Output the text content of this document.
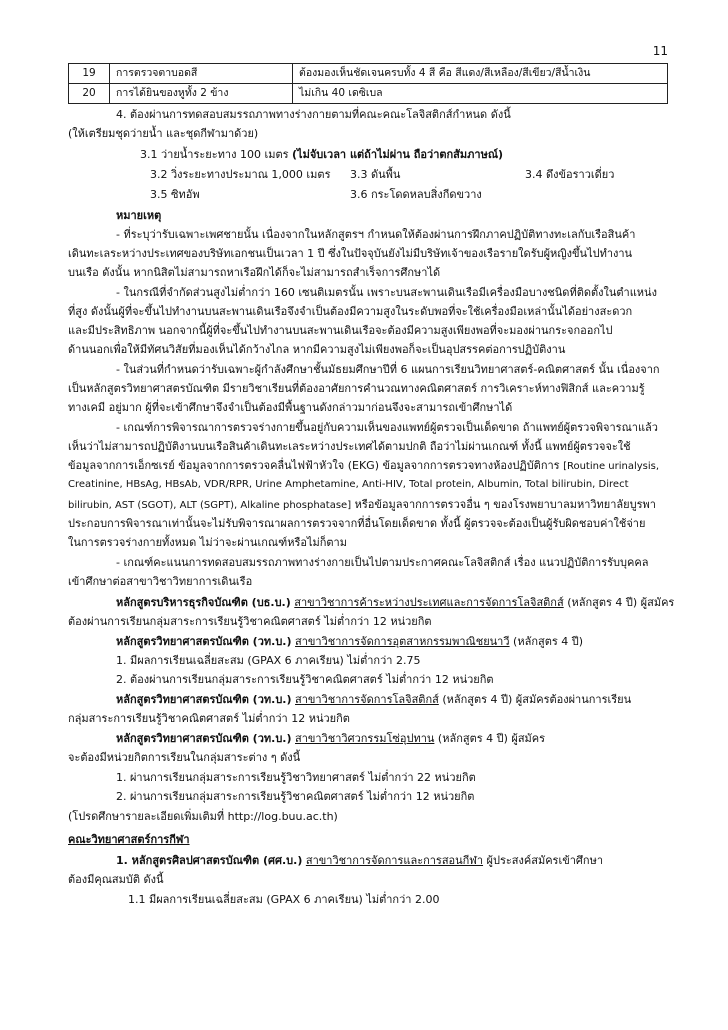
11
19	การตรวจตาบอดสี	ต้องมองเห็นชัดเจนครบทั้ง 4 สี คือ สีแดง/สีเหลือง/สีเขียว/สีน้ำเงิน
20	การได้ยินของหูทั้ง 2 ข้าง	ไม่เกิน 40 เดซิเบล
4. ต้องผ่านการทดสอบสมรรถภาพทางร่างกายตามที่คณะคณะโลจิสติกส์กำหนด ดังนี้
(ให้เตรียมชุดว่ายน้ำ และชุดกีฬามาด้วย)
3.1 ว่ายน้ำระยะทาง 100 เมตร (ไม่จับเวลา แต่ถ้าไม่ผ่าน ถือว่าตกสัมภาษณ์)
3.2 วิ่งระยะทางประมาณ 1,000 เมตร 3.3 ดันพื้น	3.4 ดึงข้อราวเดี่ยว
3.5 ซิทอัพ	3.6 กระโดดหลบสิ่งกีดขวาง
หมายเหตุ
- ที่ระบุว่ารับเฉพาะเพศชายนั้น เนื่องจากในหลักสูตรฯ กำหนดให้ต้องผ่านการฝึกภาคปฏิบัติทางทะเลกับเรือสินค้า
เดินทะเลระหว่างประเทศของบริษัทเอกชนเป็นเวลา 1 ปี ซึ่งในปัจจุบันยังไม่มีบริษัทเจ้าของเรือรายใดรับผู้หญิงขึ้นไปทำงาน
บนเรือ ดังนั้น หากนิสิตไม่สามารถหาเรือฝึกได้ก็จะไม่สามารถสำเร็จการศึกษาได้
- ในกรณีที่จำกัดส่วนสูงไม่ต่ำกว่า 160 เซนติเมตรนั้น เพราะบนสะพานเดินเรือมีเครื่องมือบางชนิดที่ติดตั้งในตำแหน่ง
ที่สูง ดังนั้นผู้ที่จะขึ้นไปทำงานบนสะพานเดินเรือจึงจำเป็นต้องมีความสูงในระดับพอที่จะใช้เครื่องมือเหล่านั้นได้อย่างสะดวก
และมีประสิทธิภาพ นอกจากนี้ผู้ที่จะขึ้นไปทำงานบนสะพานเดินเรือจะต้องมีความสูงเพียงพอที่จะมองผ่านกระจกออกไป
ด้านนอกเพื่อให้มีทัศนวิสัยที่มองเห็นได้กว้างไกล หากมีความสูงไม่เพียงพอก็จะเป็นอุปสรรคต่อการปฏิบัติงาน
- ในส่วนที่กำหนดว่ารับเฉพาะผู้กำลังศึกษาชั้นมัธยมศึกษาปีที่ 6 แผนการเรียนวิทยาศาสตร์-คณิตศาสตร์ นั้น เนื่องจาก
เป็นหลักสูตรวิทยาศาสตรบัณฑิต มีรายวิชาเรียนที่ต้องอาศัยการคำนวณทางคณิตศาสตร์ การวิเคราะห์ทางฟิสิกส์ และความรู้
ทางเคมี อยู่มาก ผู้ที่จะเข้าศึกษาจึงจำเป็นต้องมีพื้นฐานดังกล่าวมาก่อนจึงจะสามารถเข้าศึกษาได้
- เกณฑ์การพิจารณาการตรวจร่างกายขึ้นอยู่กับความเห็นของแพทย์ผู้ตรวจเป็นเด็ดขาด ถ้าแพทย์ผู้ตรวจพิจารณาแล้ว
เห็นว่าไม่สามารถปฏิบัติงานบนเรือสินค้าเดินทะเลระหว่างประเทศได้ตามปกติ ถือว่าไม่ผ่านเกณฑ์ ทั้งนี้ แพทย์ผู้ตรวจจะใช้
ข้อมูลจากการเอ็กซเรย์ ข้อมูลจากการตรวจคลื่นไฟฟ้าหัวใจ (EKG) ข้อมูลจากการตรวจทางห้องปฏิบัติการ [Routine urinalysis,
Creatinine, HBsAg, HBsAb, VDR/RPR, Urine Amphetamine, Anti-HIV, Total protein, Albumin, Total bilirubin, Direct
bilirubin, AST (SGOT), ALT (SGPT), Alkaline phosphatase] หรือข้อมูลจากการตรวจอื่น ๆ ของโรงพยาบาลมหาวิทยาลัยบูรพา
ประกอบการพิจารณาเท่านั้นจะไม่รับพิจารณาผลการตรวจจากที่อื่นโดยเด็ดขาด ทั้งนี้ ผู้ตรวจจะต้องเป็นผู้รับผิดชอบค่าใช้จ่าย
ในการตรวจร่างกายทั้งหมด ไม่ว่าจะผ่านเกณฑ์หรือไม่ก็ตาม
- เกณฑ์คะแนนการทดสอบสมรรถภาพทางร่างกายเป็นไปตามประกาศคณะโลจิสติกส์ เรื่อง แนวปฏิบัติการรับบุคคล
เข้าศึกษาต่อสาขาวิชาวิทยาการเดินเรือ
หลักสูตรบริหารธุรกิจบัณฑิต (บธ.บ.) สาขาวิชาการค้าระหว่างประเทศและการจัดการโลจิสติกส์ (หลักสูตร 4 ปี) ผู้สมัคร
ต้องผ่านการเรียนกลุ่มสาระการเรียนรู้วิชาคณิตศาสตร์ ไม่ต่ำกว่า 12 หน่วยกิต
หลักสูตรวิทยาศาสตรบัณฑิต (วท.บ.) สาขาวิชาการจัดการอุตสาหกรรมพาณิชยนาวี (หลักสูตร 4 ปี)
1. มีผลการเรียนเฉลี่ยสะสม (GPAX 6 ภาคเรียน) ไม่ต่ำกว่า 2.75
2. ต้องผ่านการเรียนกลุ่มสาระการเรียนรู้วิชาคณิตศาสตร์ ไม่ต่ำกว่า 12 หน่วยกิต
หลักสูตรวิทยาศาสตรบัณฑิต (วท.บ.) สาขาวิชาการจัดการโลจิสติกส์ (หลักสูตร 4 ปี) ผู้สมัครต้องผ่านการเรียน
กลุ่มสาระการเรียนรู้วิชาคณิตศาสตร์ ไม่ต่ำกว่า 12 หน่วยกิต
หลักสูตรวิทยาศาสตรบัณฑิต (วท.บ.) สาขาวิชาวิศวกรรมโซ่อุปทาน (หลักสูตร 4 ปี) ผู้สมัคร
จะต้องมีหน่วยกิตการเรียนในกลุ่มสาระต่าง ๆ ดังนี้
1. ผ่านการเรียนกลุ่มสาระการเรียนรู้วิชาวิทยาศาสตร์ ไม่ต่ำกว่า 22 หน่วยกิต
2. ผ่านการเรียนกลุ่มสาระการเรียนรู้วิชาคณิตศาสตร์ ไม่ต่ำกว่า 12 หน่วยกิต
(โปรดศึกษารายละเอียดเพิ่มเติมที่ http://log.buu.ac.th)
คณะวิทยาศาสตร์การกีฬา
1. หลักสูตรศิลปศาสตรบัณฑิต (ศศ.บ.) สาขาวิชาการจัดการและการสอนกีฬา ผู้ประสงค์สมัครเข้าศึกษา
ต้องมีคุณสมบัติ ดังนี้
1.1 มีผลการเรียนเฉลี่ยสะสม (GPAX 6 ภาคเรียน) ไม่ต่ำกว่า 2.00
